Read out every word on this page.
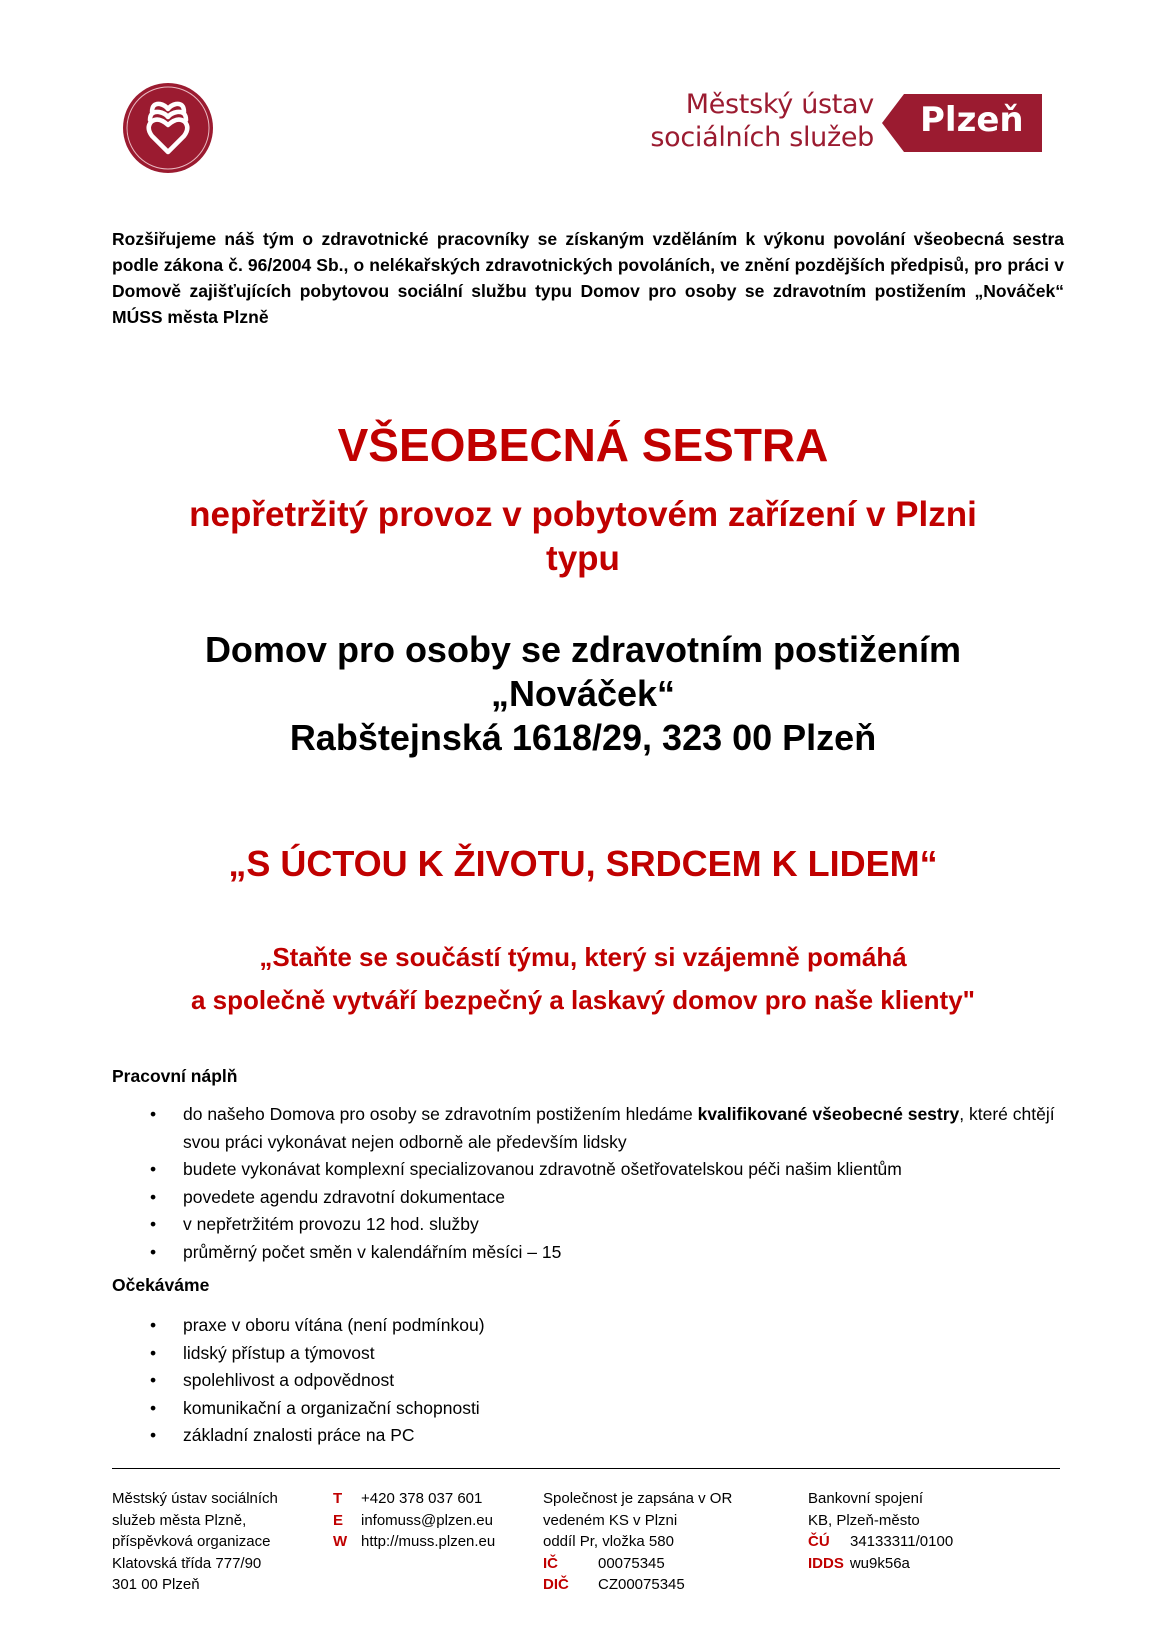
Městský ústav
sociálních služeb Plzeň
Rozšiřujeme náš tým o zdravotnické pracovníky se získaným vzděláním k výkonu povolání všeobecná sestra podle zákona č. 96/2004 Sb., o nelékařských zdravotnických povoláních, ve znění pozdějších předpisů, pro práci v Domově zajišťujících pobytovou sociální službu typu Domov pro osoby se zdravotním postižením „Nováček“ MÚSS města Plzně
VŠEOBECNÁ SESTRA
nepřetržitý provoz v pobytovém zařízení v Plzni
typu
Domov pro osoby se zdravotním postižením
„Nováček“
Rabštejnská 1618/29, 323 00 Plzeň
„S ÚCTOU K ŽIVOTU, SRDCEM K LIDEM“
„Staňte se součástí týmu, který si vzájemně pomáhá
a společně vytváří bezpečný a laskavý domov pro naše klienty"
Pracovní náplň
• do našeho Domova pro osoby se zdravotním postižením hledáme kvalifikované všeobecné sestry, které chtějí svou práci vykonávat nejen odborně ale především lidsky
• budete vykonávat komplexní specializovanou zdravotně ošetřovatelskou péči našim klientům
• povedete agendu zdravotní dokumentace
• v nepřetržitém provozu 12 hod. služby
• průměrný počet směn v kalendářním měsíci – 15
Očekáváme
• praxe v oboru vítána (není podmínkou)
• lidský přístup a týmovost
• spolehlivost a odpovědnost
• komunikační a organizační schopnosti
• základní znalosti práce na PC
Městský ústav sociálních
služeb města Plzně,
příspěvková organizace
Klatovská třída 777/90
301 00 Plzeň
T +420 378 037 601
E infomuss@plzen.eu
W http://muss.plzen.eu
Společnost je zapsána v OR
vedeném KS v Plzni
oddíl Pr, vložka 580
IČ	00075345
DIČ CZ00075345
Bankovní spojení
KB, Plzeň-město
ČÚ 34133311/0100
IDDS wu9k56a
